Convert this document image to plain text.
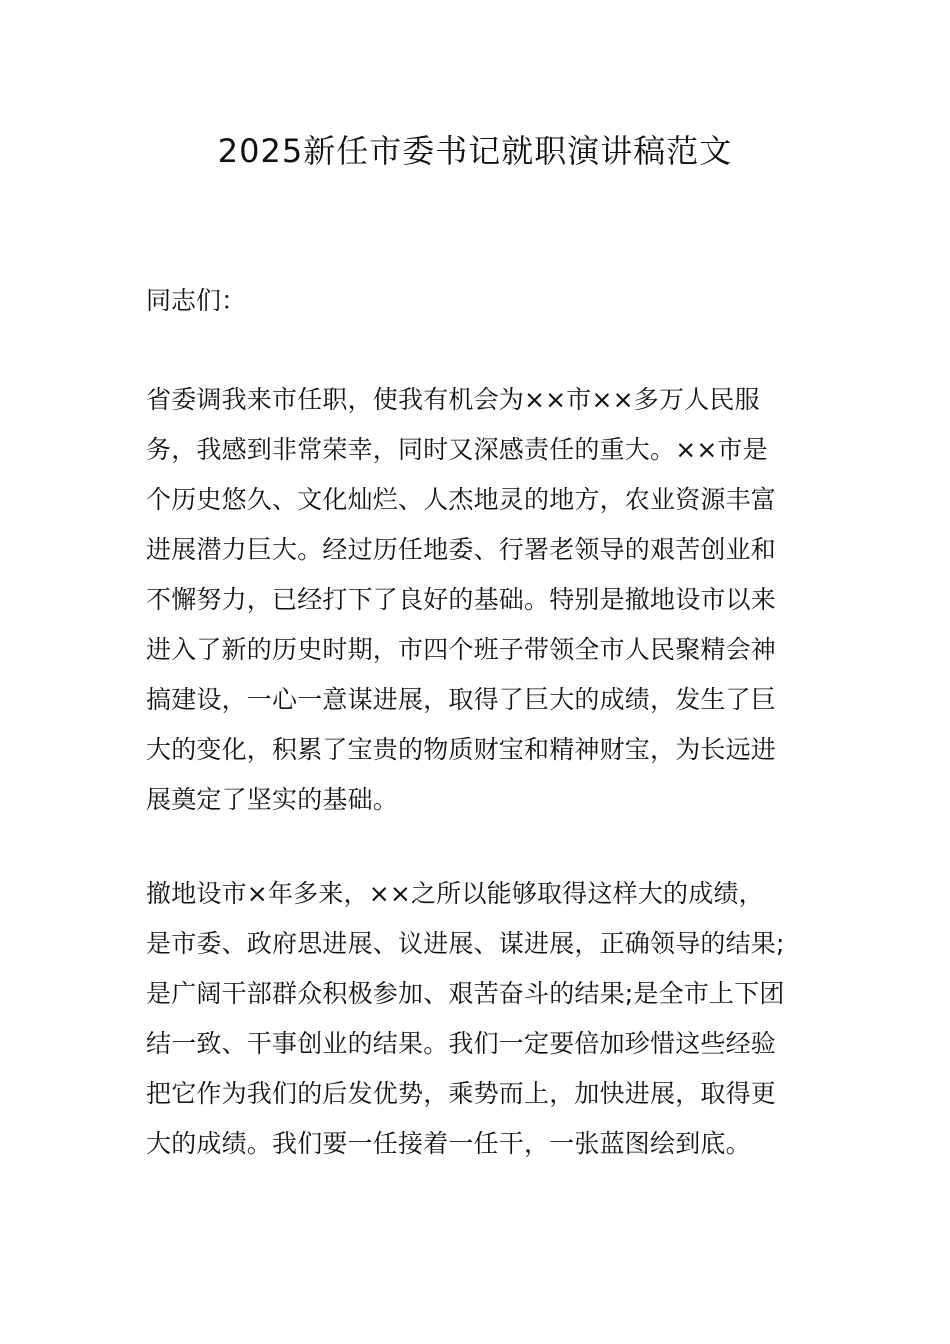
2025新任市委书记就职演讲稿范文

同志们：

省委调我来市任职，使我有机会为××市××多万人民服
务，我感到非常荣幸，同时又深感责任的重大。××市是
个历史悠久、文化灿烂、人杰地灵的地方，农业资源丰富
进展潜力巨大。经过历任地委、行署老领导的艰苦创业和
不懈努力，已经打下了良好的基础。特别是撤地设市以来
进入了新的历史时期，市四个班子带领全市人民聚精会神
搞建设，一心一意谋进展，取得了巨大的成绩，发生了巨
大的变化，积累了宝贵的物质财宝和精神财宝，为长远进
展奠定了坚实的基础。
撤地设市×年多来，××之所以能够取得这样大的成绩，
是市委、政府思进展、议进展、谋进展，正确领导的结果;
是广阔干部群众积极参加、艰苦奋斗的结果;是全市上下团
结一致、干事创业的结果。我们一定要倍加珍惜这些经验
把它作为我们的后发优势，乘势而上，加快进展，取得更
大的成绩。我们要一任接着一任干，一张蓝图绘到底。
